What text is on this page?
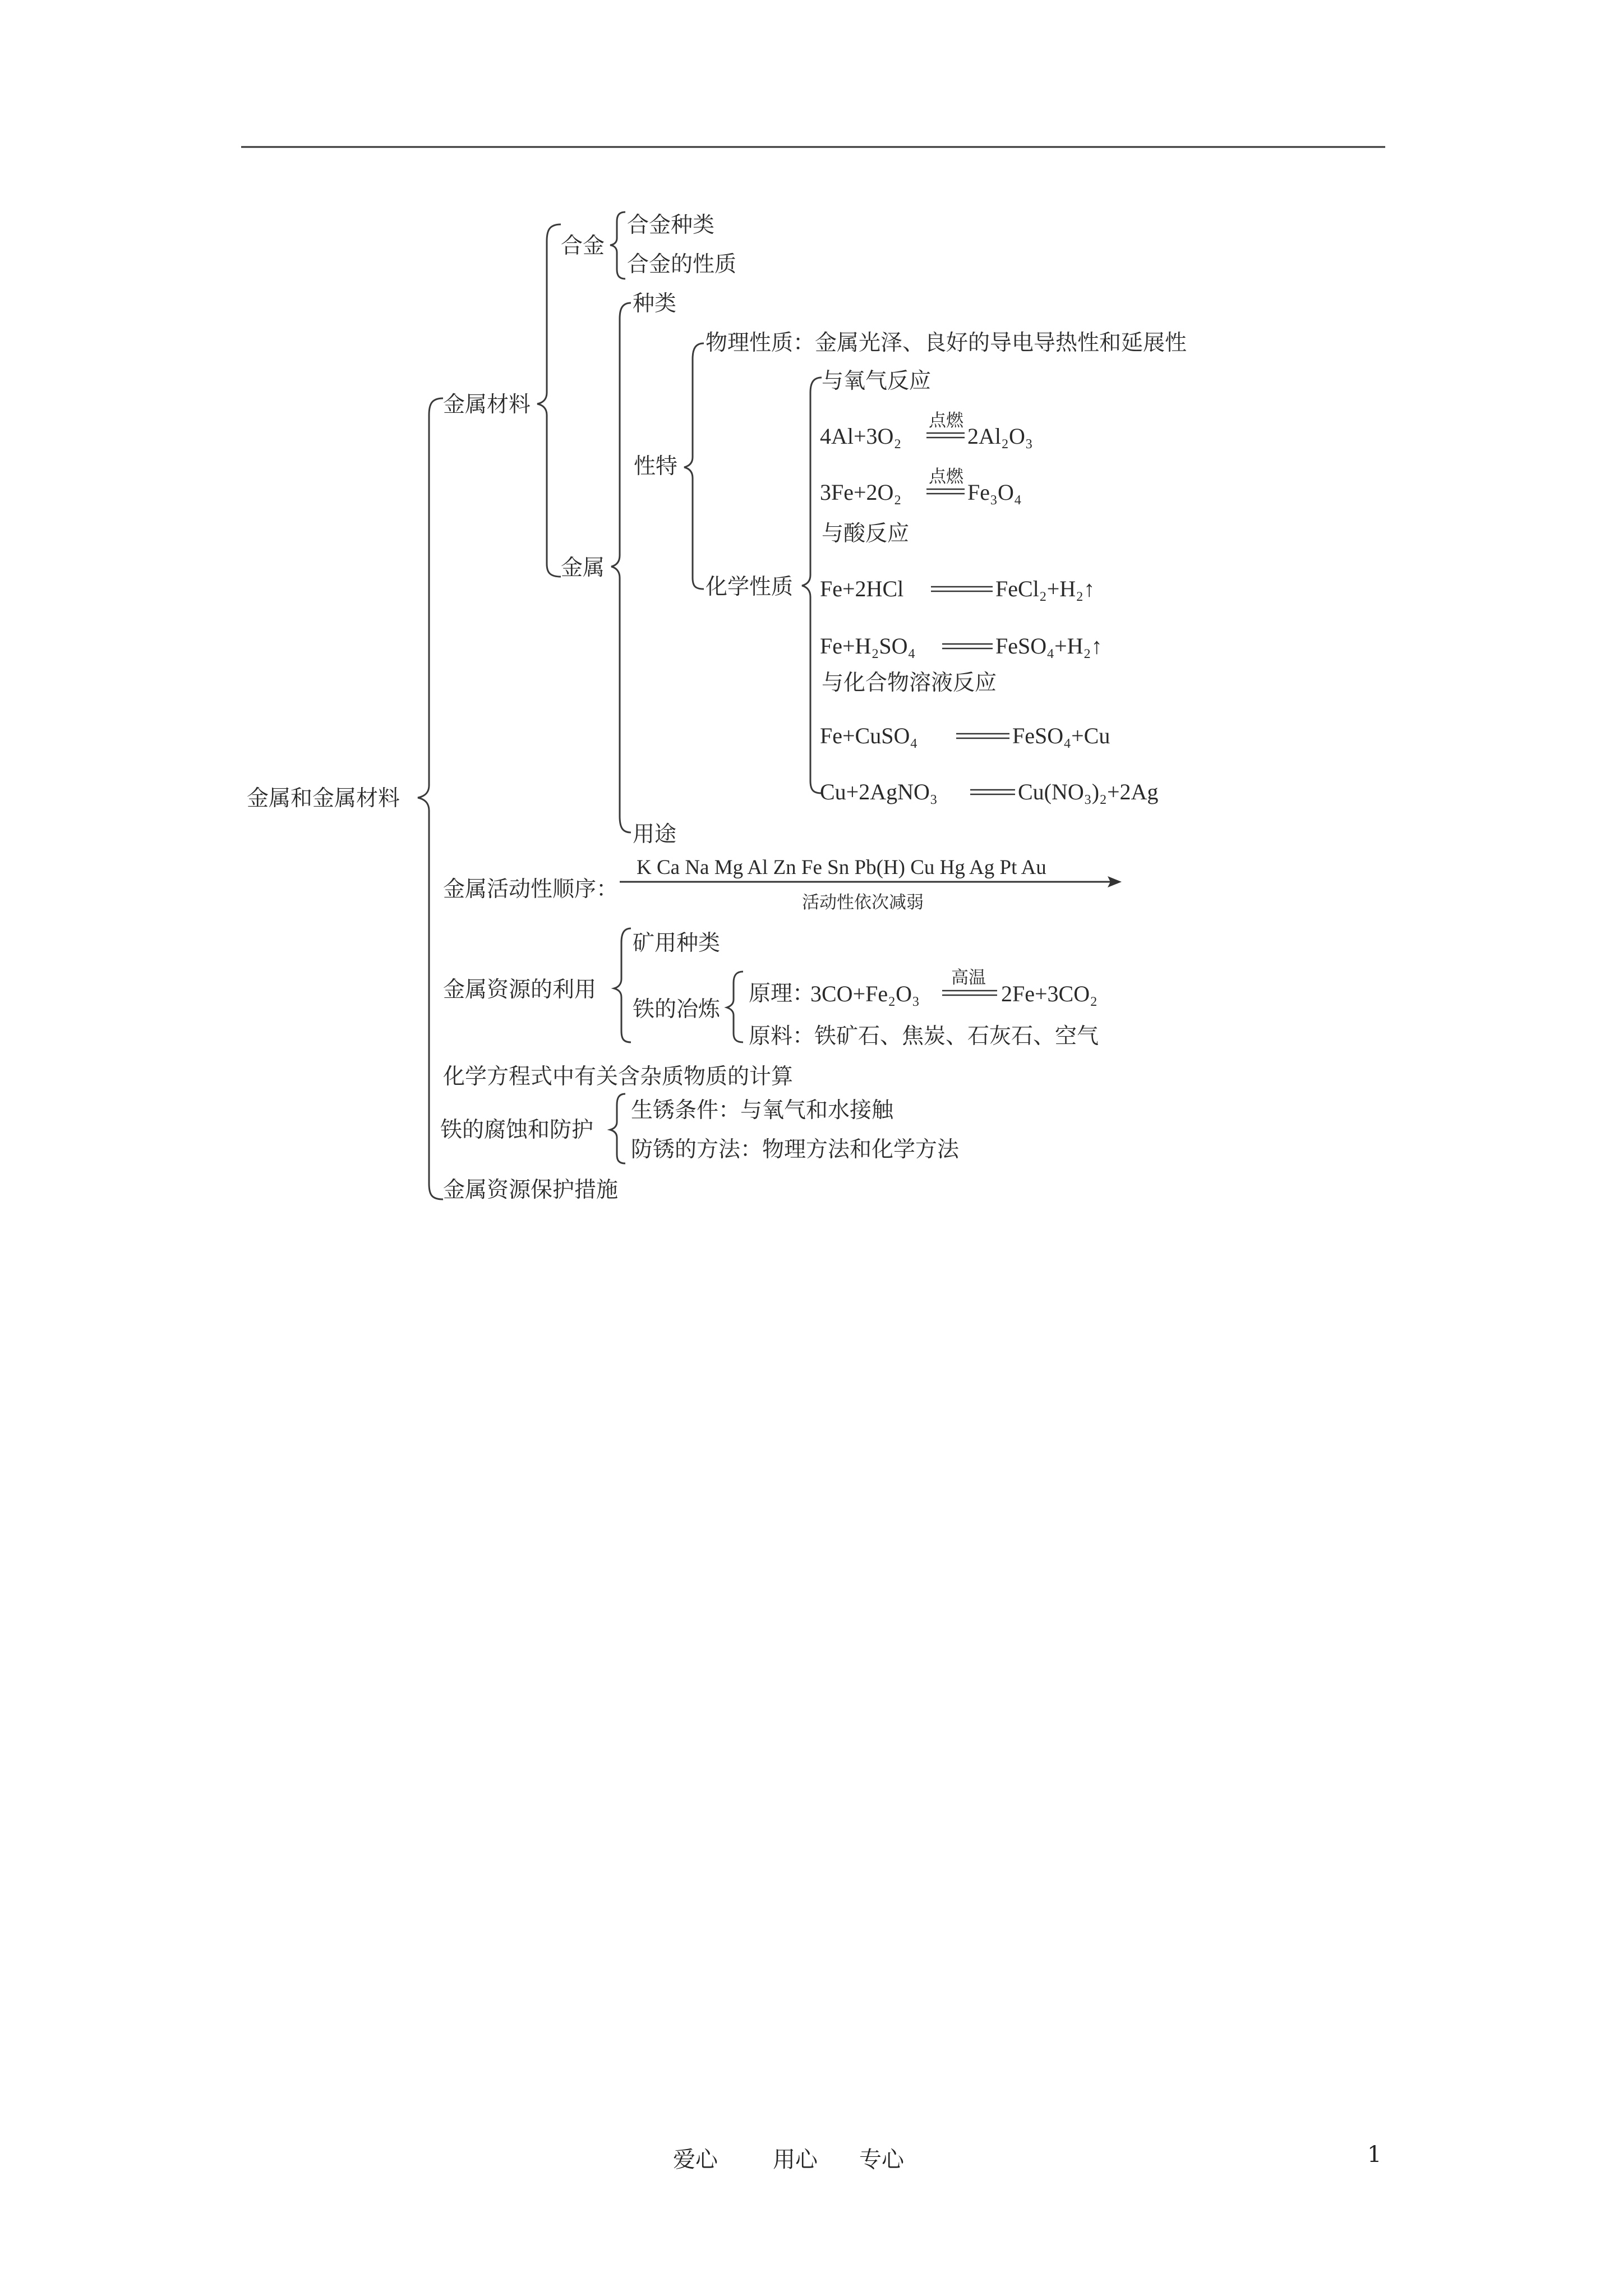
金属和金属材料
金属材料
合金
合金种类
合金的性质
金属
种类
性特
物理性质：金属光泽、良好的导电导热性和延展性
化学性质
与氧气反应
4Al+3O₂
点燃
2Al₂O₃
3Fe+2O₂
点燃
Fe₃O₄
与酸反应
Fe+2HCl	FeCl₂+H₂↑
Fe+H₂SO₄	FeSO₄+H₂↑
与化合物溶液反应
Fe+CuSO₄	FeSO₄+Cu
Cu+2AgNO₃	Cu(NO₃)₂+2Ag
用途
金属活动性顺序：
K Ca Na Mg Al Zn Fe Sn Pb(H) Cu Hg Ag Pt Au
活动性依次减弱
金属资源的利用
矿用种类
铁的冶炼
原理：
3CO+Fe₂O₃
高温
2Fe+3CO₂
原料：铁矿石、焦炭、石灰石、空气
化学方程式中有关含杂质物质的计算
铁的腐蚀和防护
生锈条件：与氧气和水接触
防锈的方法：物理方法和化学方法
金属资源保护措施
爱心 用心 专心	1
